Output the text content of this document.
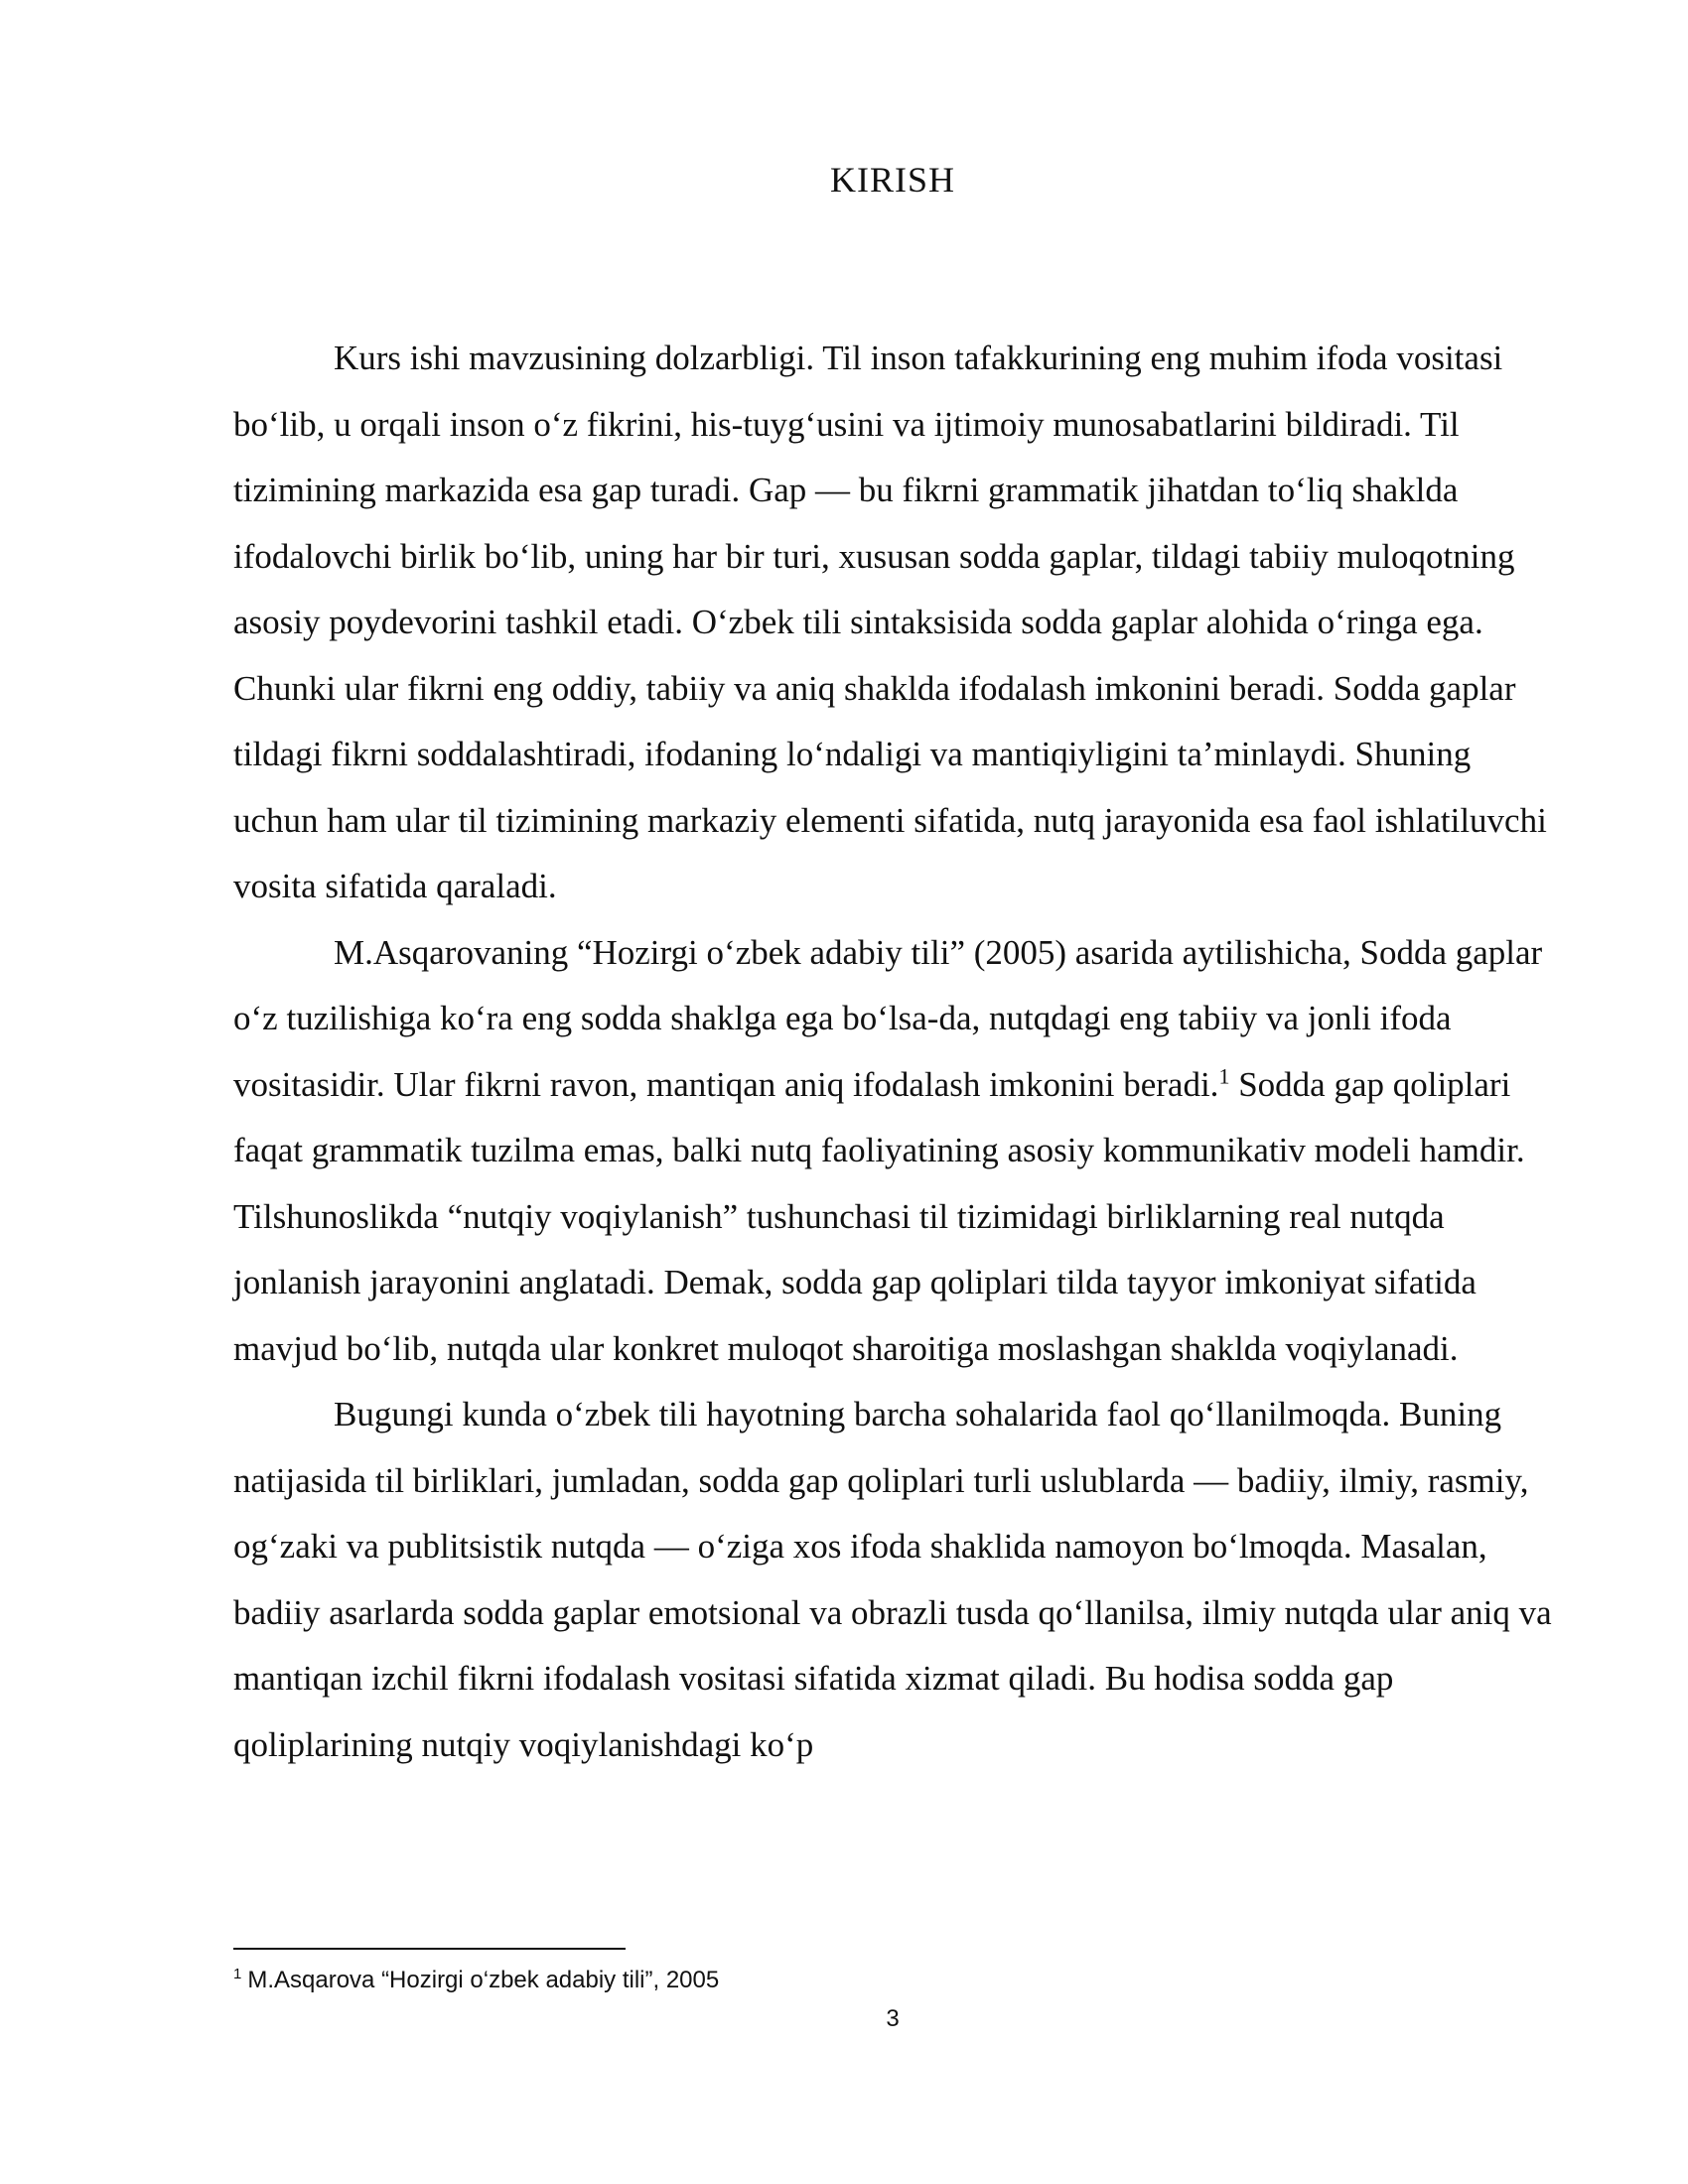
KIRISH

Kurs ishi mavzusining dolzarbligi. Til inson tafakkurining eng muhim ifoda vositasi bo‘lib, u orqali inson o‘z fikrini, his-tuyg‘usini va ijtimoiy munosabatlarini bildiradi. Til tizimining markazida esa gap turadi. Gap — bu fikrni grammatik jihatdan to‘liq shaklda ifodalovchi birlik bo‘lib, uning har bir turi, xususan sodda gaplar, tildagi tabiiy muloqotning asosiy poydevorini tashkil etadi. O‘zbek tili sintaksisida sodda gaplar alohida o‘ringa ega. Chunki ular fikrni eng oddiy, tabiiy va aniq shaklda ifodalash imkonini beradi. Sodda gaplar tildagi fikrni soddalashtiradi, ifodaning lo‘ndaligi va mantiqiyligini ta’minlaydi. Shuning uchun ham ular til tizimining markaziy elementi sifatida, nutq jarayonida esa faol ishlatiluvchi vosita sifatida qaraladi.

M.Asqarovaning “Hozirgi o‘zbek adabiy tili” (2005) asarida aytilishicha, Sodda gaplar o‘z tuzilishiga ko‘ra eng sodda shaklga ega bo‘lsa-da, nutqdagi eng tabiiy va jonli ifoda vositasidir. Ular fikrni ravon, mantiqan aniq ifodalash imkonini beradi.$^1$ Sodda gap qoliplari faqat grammatik tuzilma emas, balki nutq faoliyatining asosiy kommunikativ modeli hamdir. Tilshunoslikda “nutqiy voqiylanish” tushunchasi til tizimidagi birliklarning real nutqda jonlanish jarayonini anglatadi. Demak, sodda gap qoliplari tilda tayyor imkoniyat sifatida mavjud bo‘lib, nutqda ular konkret muloqot sharoitiga moslashgan shaklda voqiylanadi.

Bugungi kunda o‘zbek tili hayotning barcha sohalarida faol qo‘llanilmoqda. Buning natijasida til birliklari, jumladan, sodda gap qoliplari turli uslublarda — badiiy, ilmiy, rasmiy, og‘zaki va publitsistik nutqda — o‘ziga xos ifoda shaklida namoyon bo‘lmoqda. Masalan, badiiy asarlarda sodda gaplar emotsional va obrazli tusda qo‘llanilsa, ilmiy nutqda ular aniq va mantiqan izchil fikrni ifodalash vositasi sifatida xizmat qiladi. Bu hodisa sodda gap qoliplarining nutqiy voqiylanishdagi ko‘p

$^1$ M.Asqarova “Hozirgi o‘zbek adabiy tili”, 2005
3
